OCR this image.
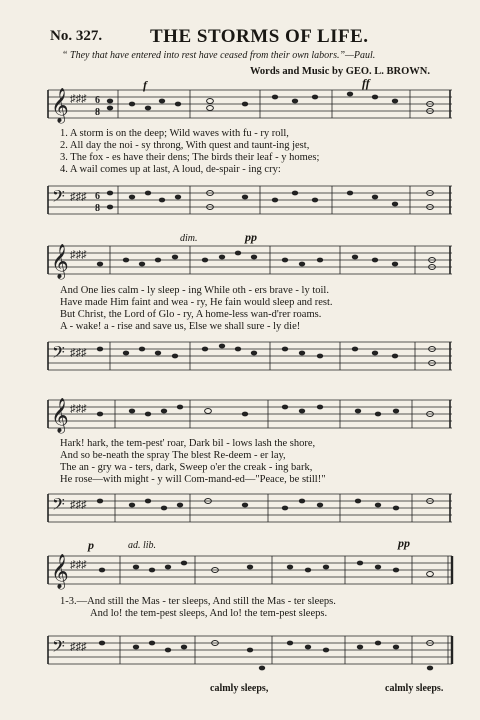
No. 327.	THE STORMS OF LIFE.
“ They that have entered into rest have ceased from their own labors.”—Paul.
Words and Music by GEO. L. BROWN.
f	ff
dim.	pp
p	ad. lib.	pp
𝄞 ♯♯♯ 6
8
1. A storm is on the deep; Wild waves with fu - ry roll,
2. All day the noi - sy throng, With quest and taunt-ing jest,
3. The fox - es have their dens; The birds their leaf - y homes;
4. A wail comes up at last, A loud, de-spair - ing cry:
𝄢 ♯♯♯ 6
8
𝄞 ♯♯♯
And One lies calm - ly sleep - ing While oth - ers brave - ly toil.
Have made Him faint and wea - ry, He fain would sleep and rest.
But Christ, the Lord of Glo - ry, A home-less wan-d'rer roams.
A - wake! a - rise and save us, Else we shall sure - ly die!
𝄢 ♯♯♯
𝄞 ♯♯♯
Hark! hark, the tem-pest' roar, Dark bil - lows lash the shore,
And so be-neath the spray The blest Re-deem - er lay,
The an - gry wa - ters, dark, Sweep o'er the creak - ing bark,
He rose—with might - y will Com-mand-ed—"Peace, be still!"
𝄢 ♯♯♯
𝄞 ♯♯♯
1-3.—And still the Mas - ter sleeps, And still the Mas - ter sleeps.
And lo! the tem-pest sleeps, And lo! the tem-pest sleeps.
𝄢 ♯♯♯
calmly sleeps,	calmly sleeps.
